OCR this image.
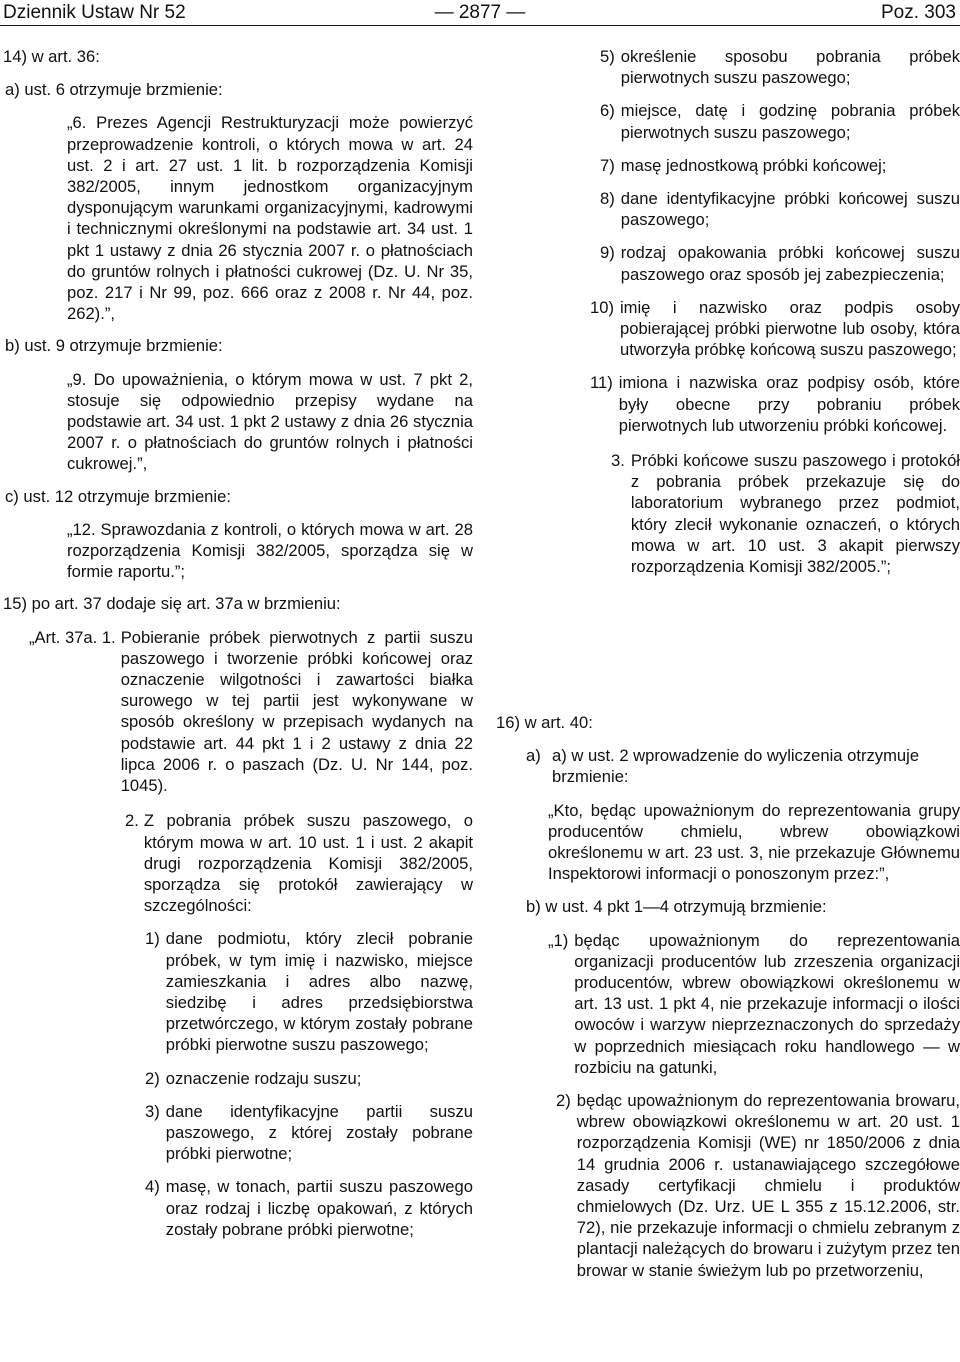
Dziennik Ustaw Nr 52	— 2877 —	Poz. 303

14) w art. 36:

a) ust. 6 otrzymuje brzmienie:

„6. Prezes Agencji Restrukturyzacji może powierzyć przeprowadzenie kontroli, o których mowa w art. 24 ust. 2 i art. 27 ust. 1 lit. b rozporządzenia Komisji 382/2005, innym jednostkom organizacyjnym dysponującym warunkami organizacyjnymi, kadrowymi i technicznymi określonymi na podstawie art. 34 ust. 1 pkt 1 ustawy z dnia 26 stycznia 2007 r. o płatnościach do gruntów rolnych i płatności cukrowej (Dz. U. Nr 35, poz. 217 i Nr 99, poz. 666 oraz z 2008 r. Nr 44, poz. 262).”,

b) ust. 9 otrzymuje brzmienie:

„9. Do upoważnienia, o którym mowa w ust. 7 pkt 2, stosuje się odpowiednio przepisy wydane na podstawie art. 34 ust. 1 pkt 2 ustawy z dnia 26 stycznia 2007 r. o płatnościach do gruntów rolnych i płatności cukrowej.”,

c) ust. 12 otrzymuje brzmienie:

„12. Sprawozdania z kontroli, o których mowa w art. 28 rozporządzenia Komisji 382/2005, sporządza się w formie raportu.”;

15) po art. 37 dodaje się art. 37a w brzmieniu:

„Art. 37a. 1. Pobieranie próbek pierwotnych z partii suszu paszowego i tworzenie próbki końcowej oraz oznaczenie wilgotności i zawartości białka surowego w tej partii jest wykonywane w sposób określony w przepisach wydanych na podstawie art. 44 pkt 1 i 2 ustawy z dnia 22 lipca 2006 r. o paszach (Dz. U. Nr 144, poz. 1045).
2. Z pobrania próbek suszu paszowego, o którym mowa w art. 10 ust. 1 i ust. 2 akapit drugi rozporządzenia Komisji 382/2005, sporządza się protokół zawierający w szczególności:
1) dane podmiotu, który zlecił pobranie próbek, w tym imię i nazwisko, miejsce zamieszkania i adres albo nazwę, siedzibę i adres przedsiębiorstwa przetwórczego, w którym zostały pobrane próbki pierwotne suszu paszowego;
2) oznaczenie rodzaju suszu;
3) dane identyfikacyjne partii suszu paszowego, z której zostały pobrane próbki pierwotne;
4) masę, w tonach, partii suszu paszowego oraz rodzaj i liczbę opakowań, z których zostały pobrane próbki pierwotne;
5) określenie sposobu pobrania próbek pierwotnych suszu paszowego;
6) miejsce, datę i godzinę pobrania próbek pierwotnych suszu paszowego;
7) masę jednostkową próbki końcowej;
8) dane identyfikacyjne próbki końcowej suszu paszowego;
9) rodzaj opakowania próbki końcowej suszu paszowego oraz sposób jej zabezpieczenia;
10) imię i nazwisko oraz podpis osoby pobierającej próbki pierwotne lub osoby, która utworzyła próbkę końcową suszu paszowego;
11) imiona i nazwiska oraz podpisy osób, które były obecne przy pobraniu próbek pierwotnych lub utworzeniu próbki końcowej.
3. Próbki końcowe suszu paszowego i protokół z pobrania próbek przekazuje się do laboratorium wybranego przez podmiot, który zlecił wykonanie oznaczeń, o których mowa w art. 10 ust. 3 akapit pierwszy rozporządzenia Komisji 382/2005.”;

16) w art. 40:

a) a) w ust. 2 wprowadzenie do wyliczenia otrzymuje brzmienie:

„Kto, będąc upoważnionym do reprezentowania grupy producentów chmielu, wbrew obowiązkowi określonemu w art. 23 ust. 3, nie przekazuje Głównemu Inspektorowi informacji o ponoszonym przez:”,

b) w ust. 4 pkt 1—4 otrzymują brzmienie:

„1) będąc upoważnionym do reprezentowania organizacji producentów lub zrzeszenia organizacji producentów, wbrew obowiązkowi określonemu w art. 13 ust. 1 pkt 4, nie przekazuje informacji o ilości owoców i warzyw nieprzeznaczonych do sprzedaży w poprzednich miesiącach roku handlowego — w rozbiciu na gatunki,
2) będąc upoważnionym do reprezentowania browaru, wbrew obowiązkowi określonemu w art. 20 ust. 1 rozporządzenia Komisji (WE) nr 1850/2006 z dnia 14 grudnia 2006 r. ustanawiającego szczegółowe zasady certyfikacji chmielu i produktów chmielowych (Dz. Urz. UE L 355 z 15.12.2006, str. 72), nie przekazuje informacji o chmielu zebranym z plantacji należących do browaru i zużytym przez ten browar w stanie świeżym lub po przetworzeniu,
